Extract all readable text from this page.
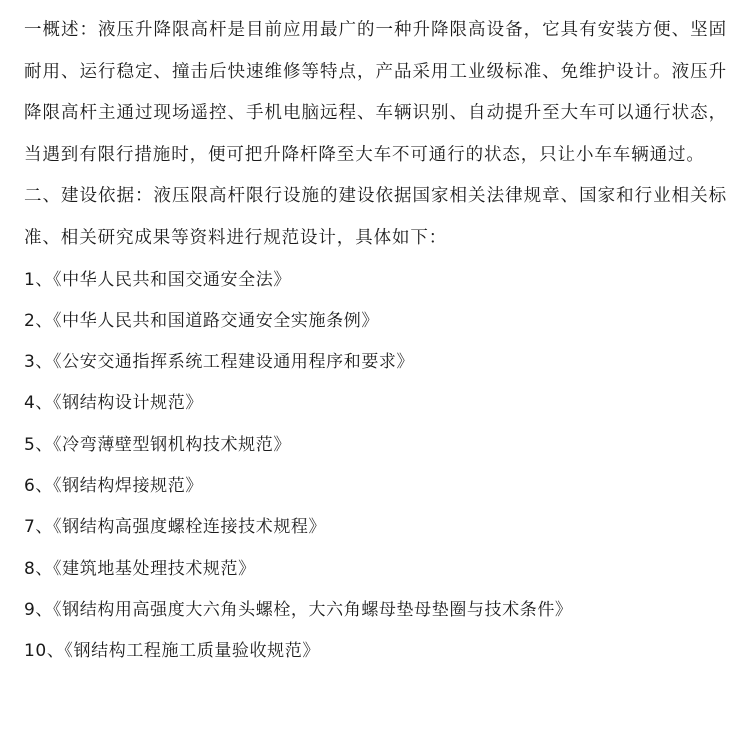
一概述：液压升降限高杆是目前应用最广的一种升降限高设备，它具有安装方便、坚固耐用、运行稳定、撞击后快速维修等特点，产品采用工业级标准、免维护设计。液压升降限高杆主通过现场遥控、手机电脑远程、车辆识别、自动提升至大车可以通行状态，当遇到有限行措施时，便可把升降杆降至大车不可通行的状态，只让小车车辆通过。

二、建设依据：液压限高杆限行设施的建设依据国家相关法律规章、国家和行业相关标准、相关研究成果等资料进行规范设计，具体如下：

1、《中华人民共和国交通安全法》
2、《中华人民共和国道路交通安全实施条例》
3、《公安交通指挥系统工程建设通用程序和要求》
4、《钢结构设计规范》
5、《冷弯薄壁型钢机构技术规范》
6、《钢结构焊接规范》
7、《钢结构高强度螺栓连接技术规程》
8、《建筑地基处理技术规范》
9、《钢结构用高强度大六角头螺栓，大六角螺母垫母垫圈与技术条件》
10、《钢结构工程施工质量验收规范》
